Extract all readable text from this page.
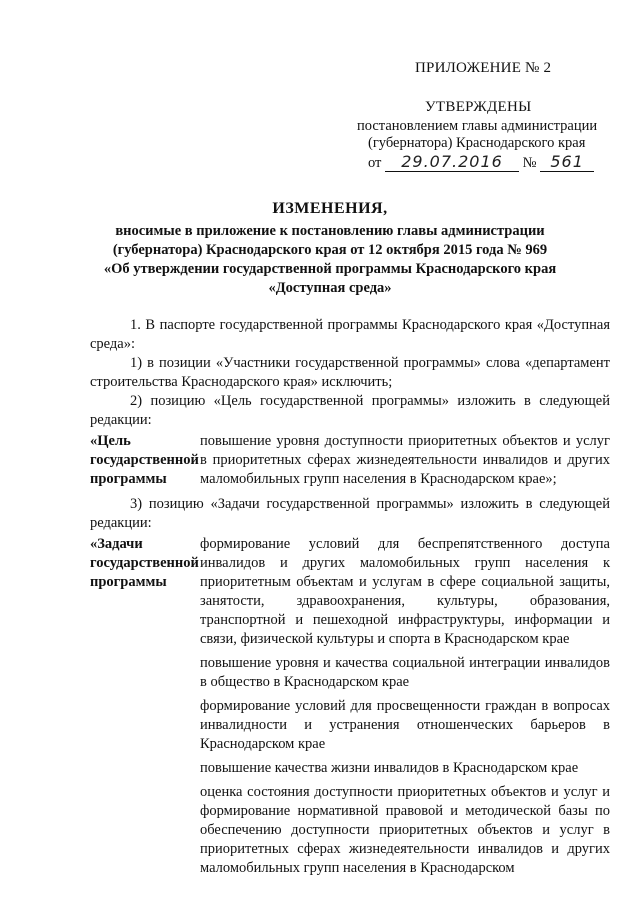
ПРИЛОЖЕНИЕ № 2
УТВЕРЖДЕНЫ
постановлением главы администрации
(губернатора) Краснодарского края
от 29.07.2016 № 561
ИЗМЕНЕНИЯ,
вносимые в приложение к постановлению главы администрации
(губернатора) Краснодарского края от 12 октября 2015 года № 969
«Об утверждении государственной программы Краснодарского края
«Доступная среда»

1. В паспорте государственной программы Краснодарского края «Доступная среда»:

1) в позиции «Участники государственной программы» слова «департамент строительства Краснодарского края» исключить;

2) позицию «Цель государственной программы» изложить в следующей редакции:

«Цель государственной программы
повышение уровня доступности приоритетных объектов и услуг в приоритетных сферах жизнедеятельности инвалидов и других маломобильных групп населения в Краснодарском крае»;

3) позицию «Задачи государственной программы» изложить в следующей редакции:

«Задачи государственной программы

формирование условий для беспрепятственного доступа инвалидов и других маломобильных групп населения к приоритетным объектам и услугам в сфере социальной защиты, занятости, здравоохранения, культуры, образования, транспортной и пешеходной инфраструктуры, информации и связи, физической культуры и спорта в Краснодарском крае

повышение уровня и качества социальной интеграции инвалидов в общество в Краснодарском крае

формирование условий для просвещенности граждан в вопросах инвалидности и устранения отношенческих барьеров в Краснодарском крае

повышение качества жизни инвалидов в Краснодарском крае

оценка состояния доступности приоритетных объектов и услуг и формирование нормативной правовой и методической базы по обеспечению доступности приоритетных объектов и услуг в приоритетных сферах жизнедеятельности инвалидов и других маломобильных групп населения в Краснодарском
